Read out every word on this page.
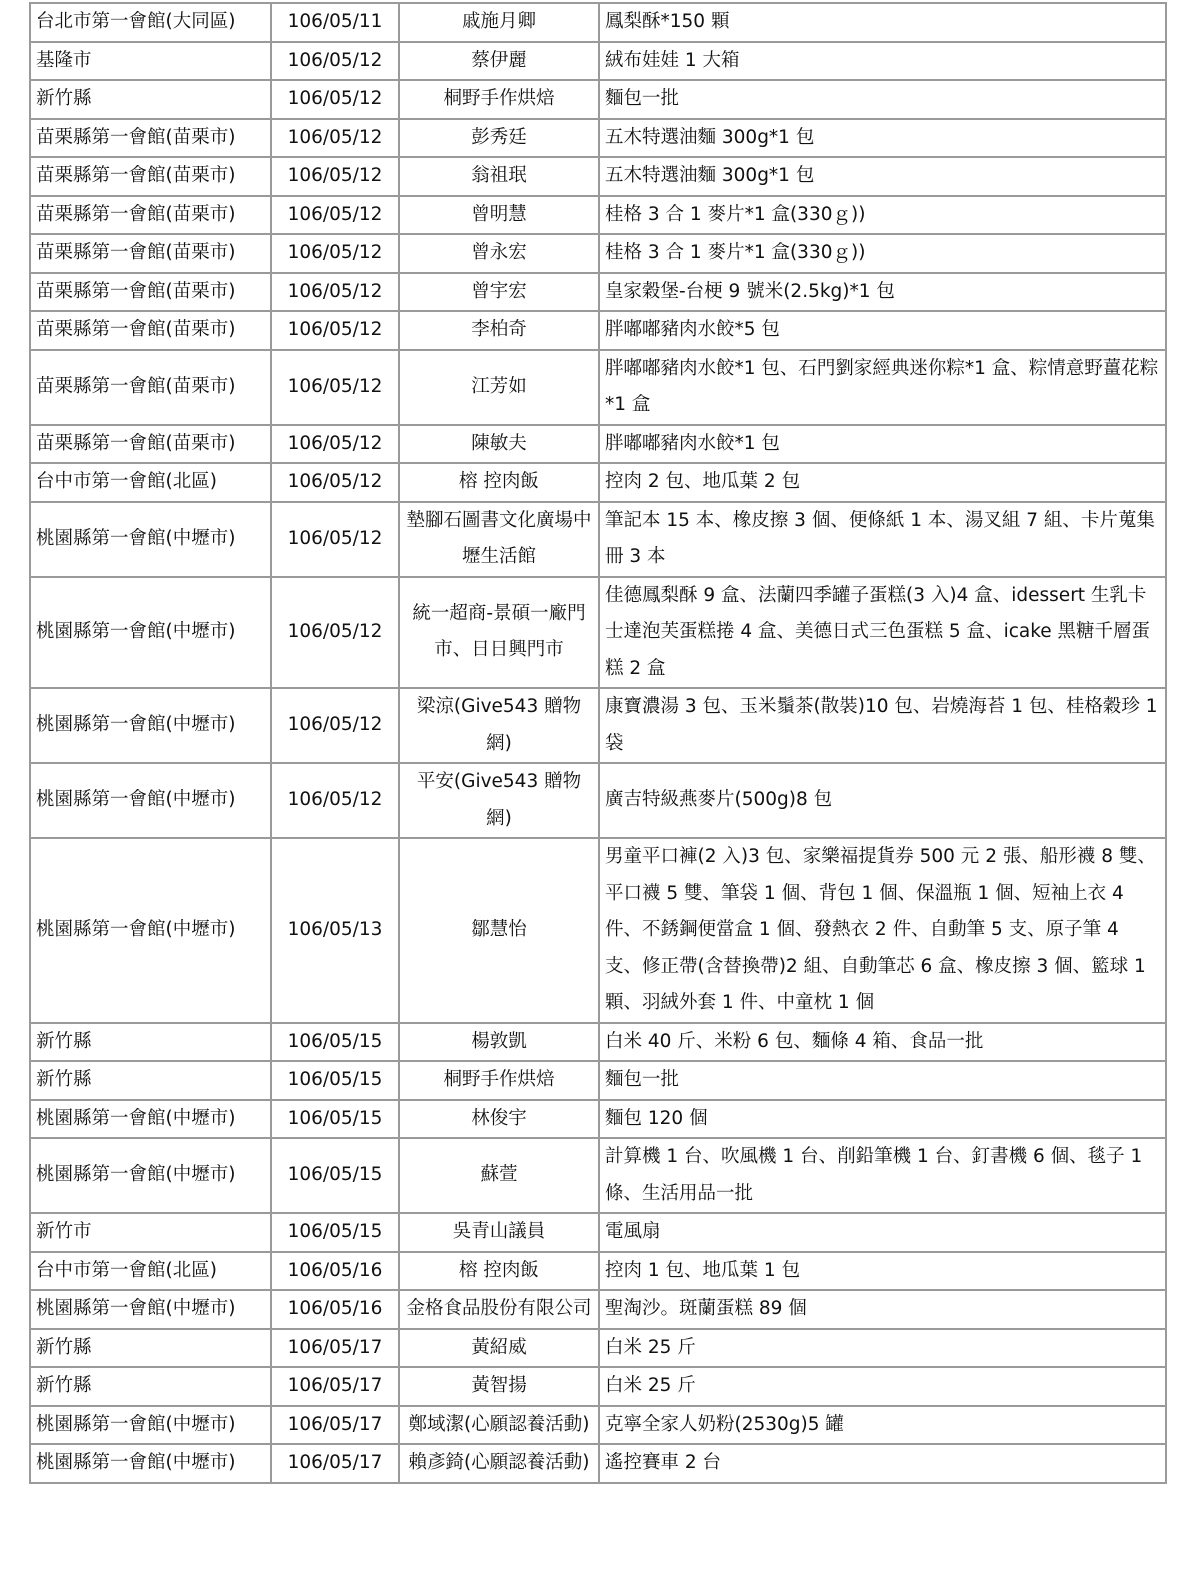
台北市第一會館(大同區)	106/05/11	戚施月卿	鳳梨酥*150 顆
基隆市	106/05/12	蔡伊麗	絨布娃娃 1 大箱
新竹縣	106/05/12	桐野手作烘焙	麵包一批
苗栗縣第一會館(苗栗市)	106/05/12	彭秀廷	五木特選油麵 300g*1 包
苗栗縣第一會館(苗栗市)	106/05/12	翁祖珉	五木特選油麵 300g*1 包
苗栗縣第一會館(苗栗市)	106/05/12	曾明慧	桂格 3 合 1 麥片*1 盒(330ｇ))
苗栗縣第一會館(苗栗市)	106/05/12	曾永宏	桂格 3 合 1 麥片*1 盒(330ｇ))
苗栗縣第一會館(苗栗市)	106/05/12	曾宇宏	皇家穀堡-台梗 9 號米(2.5kg)*1 包
苗栗縣第一會館(苗栗市)	106/05/12	李柏奇	胖嘟嘟豬肉水餃*5 包
苗栗縣第一會館(苗栗市)	106/05/12	江芳如	胖嘟嘟豬肉水餃*1 包、石門劉家經典迷你粽*1 盒、粽情意野薑花粽*1 盒
苗栗縣第一會館(苗栗市)	106/05/12	陳敏夫	胖嘟嘟豬肉水餃*1 包
台中市第一會館(北區)	106/05/12	榕 控肉飯	控肉 2 包、地瓜葉 2 包
桃園縣第一會館(中壢市)	106/05/12	墊腳石圖書文化廣場中壢生活館	筆記本 15 本、橡皮擦 3 個、便條紙 1 本、湯叉組 7 組、卡片蒐集冊 3 本
桃園縣第一會館(中壢市)	106/05/12	統一超商-景碩一廠門市、日日興門市	佳德鳳梨酥 9 盒、法蘭四季罐子蛋糕(3 入)4 盒、idessert 生乳卡士達泡芙蛋糕捲 4 盒、美德日式三色蛋糕 5 盒、icake 黑糖千層蛋糕 2 盒
桃園縣第一會館(中壢市)	106/05/12	梁涼(Give543 贈物網)	康寶濃湯 3 包、玉米鬚茶(散裝)10 包、岩燒海苔 1 包、桂格穀珍 1 袋
桃園縣第一會館(中壢市)	106/05/12	平安(Give543 贈物網)	廣吉特級燕麥片(500g)8 包
桃園縣第一會館(中壢市)	106/05/13	鄒慧怡	男童平口褲(2 入)3 包、家樂福提貨券 500 元 2 張、船形襪 8 雙、平口襪 5 雙、筆袋 1 個、背包 1 個、保溫瓶 1 個、短袖上衣 4 件、不銹鋼便當盒 1 個、發熱衣 2 件、自動筆 5 支、原子筆 4 支、修正帶(含替換帶)2 組、自動筆芯 6 盒、橡皮擦 3 個、籃球 1 顆、羽絨外套 1 件、中童枕 1 個
新竹縣	106/05/15	楊敦凱	白米 40 斤、米粉 6 包、麵條 4 箱、食品一批
新竹縣	106/05/15	桐野手作烘焙	麵包一批
桃園縣第一會館(中壢市)	106/05/15	林俊宇	麵包 120 個
桃園縣第一會館(中壢市)	106/05/15	蘇萱	計算機 1 台、吹風機 1 台、削鉛筆機 1 台、釘書機 6 個、毯子 1 條、生活用品一批
新竹市	106/05/15	吳青山議員	電風扇
台中市第一會館(北區)	106/05/16	榕 控肉飯	控肉 1 包、地瓜葉 1 包
桃園縣第一會館(中壢市)	106/05/16	金格食品股份有限公司	聖淘沙。斑蘭蛋糕 89 個
新竹縣	106/05/17	黃紹威	白米 25 斤
新竹縣	106/05/17	黃智揚	白米 25 斤
桃園縣第一會館(中壢市)	106/05/17	鄭域潔(心願認養活動)	克寧全家人奶粉(2530g)5 罐
桃園縣第一會館(中壢市)	106/05/17	賴彥錡(心願認養活動)	遙控賽車 2 台
